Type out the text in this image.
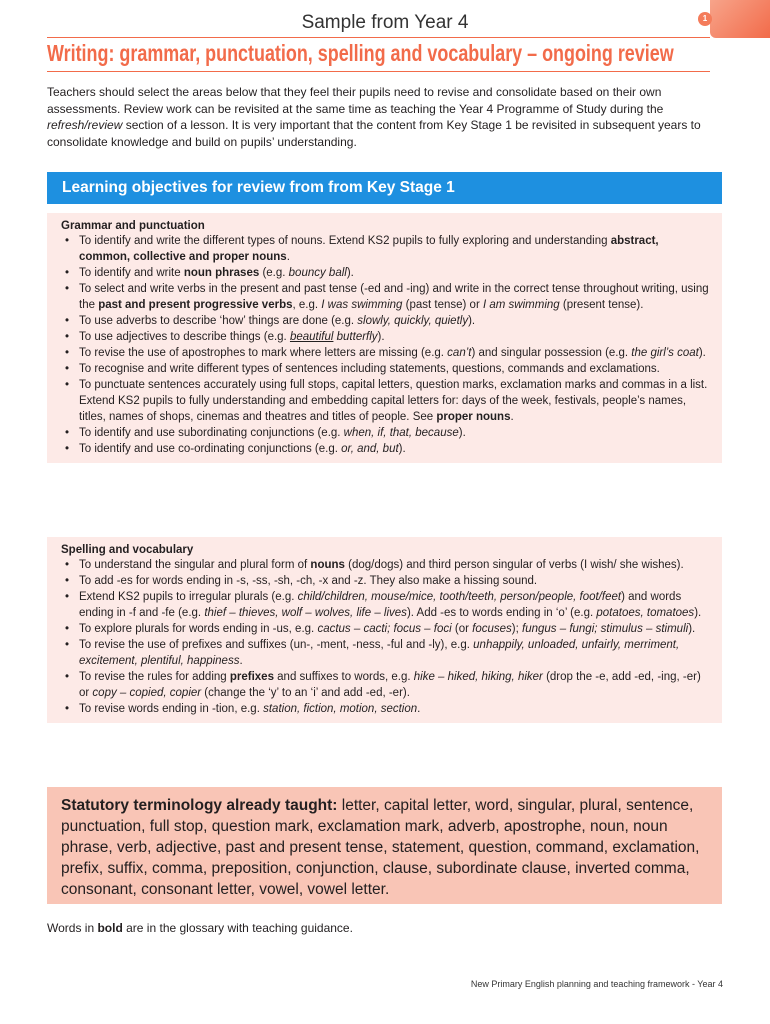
1
Sample from Year 4
Writing: grammar, punctuation, spelling and vocabulary – ongoing review

Teachers should select the areas below that they feel their pupils need to revise and consolidate based on their own assessments. Review work can be revisited at the same time as teaching the Year 4 Programme of Study during the refresh/review section of a lesson. It is very important that the content from Key Stage 1 be revisited in subsequent years to consolidate knowledge and build on pupils’ understanding.

Learning objectives for review from from Key Stage 1
Grammar and punctuation
• To identify and write the different types of nouns. Extend KS2 pupils to fully exploring and understanding abstract, common, collective and proper nouns.
• To identify and write noun phrases (e.g. bouncy ball).
• To select and write verbs in the present and past tense (-ed and -ing) and write in the correct tense throughout writing, using the past and present progressive verbs, e.g. I was swimming (past tense) or I am swimming (present tense).
• To use adverbs to describe ‘how’ things are done (e.g. slowly, quickly, quietly).
• To use adjectives to describe things (e.g. beautiful butterfly).
• To revise the use of apostrophes to mark where letters are missing (e.g. can’t) and singular possession (e.g. the girl’s coat).
• To recognise and write different types of sentences including statements, questions, commands and exclamations.
• To punctuate sentences accurately using full stops, capital letters, question marks, exclamation marks and commas in a list. Extend KS2 pupils to fully understanding and embedding capital letters for: days of the week, festivals, people’s names, titles, names of shops, cinemas and theatres and titles of people. See proper nouns.
• To identify and use subordinating conjunctions (e.g. when, if, that, because).
• To identify and use co-ordinating conjunctions (e.g. or, and, but).
Spelling and vocabulary
• To understand the singular and plural form of nouns (dog/dogs) and third person singular of verbs (I wish/ she wishes).
• To add -es for words ending in -s, -ss, -sh, -ch, -x and -z. They also make a hissing sound.
• Extend KS2 pupils to irregular plurals (e.g. child/children, mouse/mice, tooth/teeth, person/people, foot/feet) and words ending in -f and -fe (e.g. thief – thieves, wolf – wolves, life – lives). Add -es to words ending in ‘o’ (e.g. potatoes, tomatoes).
• To explore plurals for words ending in -us, e.g. cactus – cacti; focus – foci (or focuses); fungus – fungi; stimulus – stimuli).
• To revise the use of prefixes and suffixes (un-, -ment, -ness, -ful and -ly), e.g. unhappily, unloaded, unfairly, merriment, excitement, plentiful, happiness.
• To revise the rules for adding prefixes and suffixes to words, e.g. hike – hiked, hiking, hiker (drop the -e, add -ed, -ing, -er) or copy – copied, copier (change the ‘y’ to an ‘i’ and add -ed, -er).
• To revise words ending in -tion, e.g. station, fiction, motion, section.
Statutory terminology already taught: letter, capital letter, word, singular, plural, sentence, punctuation, full stop, question mark, exclamation mark, adverb, apostrophe, noun, noun phrase, verb, adjective, past and present tense, statement, question, command, exclamation, prefix, suffix, comma, preposition, conjunction, clause, subordinate clause, inverted comma, consonant, consonant letter, vowel, vowel letter.

Words in bold are in the glossary with teaching guidance.

New Primary English planning and teaching framework - Year 4
